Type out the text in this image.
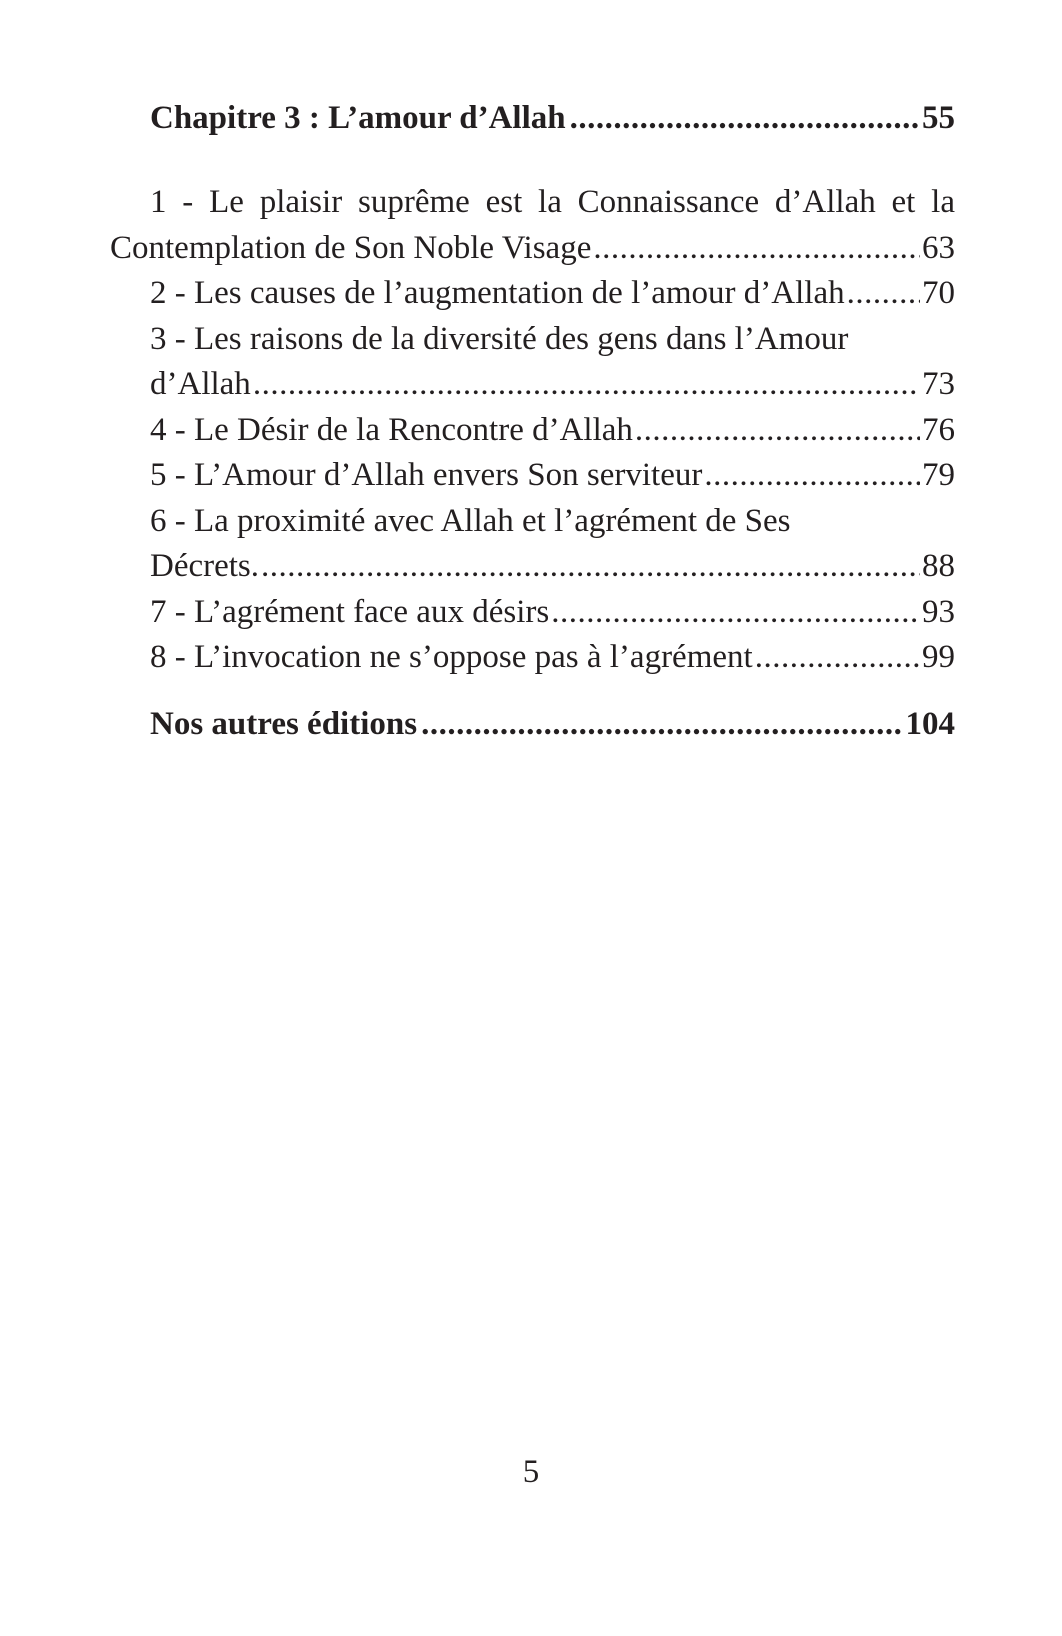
Chapitre 3 : L’amour d’Allah .....	55
1 - Le plaisir suprême est la Connaissance d’Allah et la
Contemplation de Son Noble Visage .....	63
2 - Les causes de l’augmentation de l’amour d’Allah ..... 70
3 - Les raisons de la diversité des gens dans l’Amour
d’Allah .....	73
4 - Le Désir de la Rencontre d’Allah .....	76
5 - L’Amour d’Allah envers Son serviteur .....	79
6 - La proximité avec Allah et l’agrément de Ses
Décrets. .....	88
7 - L’agrément face aux désirs .....	93
8 - L’invocation ne s’oppose pas à l’agrément .....	99
Nos autres éditions .....	104
5
